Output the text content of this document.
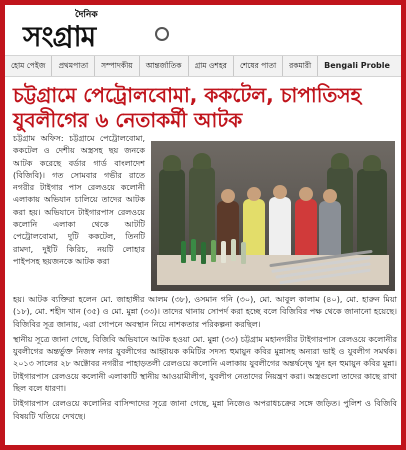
দৈনিক
সংগ্রাম
হোম পেইজ	প্রথমপাতা	সম্পাদকীয়	আন্তর্জাতিক	গ্রাম ওশহর	শেষের পাতা	রকমারী	Bengali Proble
চট্টগ্রামে পেট্রোলবোমা, ককটেল, চাপাতিসহ
যুবলীগের ৬ নেতাকর্মী আটক
চট্টগ্রাম অফিস: চট্টগ্রামে পেট্রোলবোমা, ককটেল ও দেশীয় অস্ত্রসহ ছয় জনকে আটক করেছে বর্ডার গার্ড বাংলাদেশ (বিজিবি)। গত সোমবার গভীর রাতে নগরীর টাইগার পাস রেলওয়ে কলোনী এলাকায় অভিযান চালিয়ে তাদের আটক করা হয়। অভিযানে টাইগারপাস রেলওয়ে কলোনি এলাকা থেকে আটটি পেট্রোলবোমা, দুটি ককটেল, তিনটি রামদা, দুইটি কিরিচ, নয়টি লোহার পাইপসহ ছয়জনকে আটক করা

হয়। আটক ব্যক্তিরা হলেন মো. জাহাঙ্গীর আলম (৩৮), ওসমান গনি (৩০), মো. আবুল কালাম (৪০), মো. হারুন মিয়া (১৮), মো. শহীদ খান (৩৫) ও মো. মুন্না (৩৩)। তাদের থানায় সোপর্দ করা হচ্ছে বলে বিজিবির পক্ষ থেকে জানানো হয়েছে। বিজিবির সূত্র জানায়, এরা গোপনে অবস্থান নিয়ে নাশকতার পরিকল্পনা করছিল।

স্থানীয় সূত্রে জানা গেছে, বিজিবি অভিযানে আটক হওয়া মো. মুন্না (৩৩) চট্টগ্রাম মহানগরীর টাইগারপাস রেলওয়ে কলোনীর যুবলীগের অন্তর্ভুক্ত নিজস্ব নগর যুবলীগের আহ্বায়ক কমিটির সদস্য হুমায়ুন কবির মুন্নাসহ অন্যরা ভাই ও যুবলীগ সমর্থক। ২০১৩ সালের ২৮ অক্টোবর নগরীর পাহাড়তলী রেলওয়ে কলোনি এলাকায় যুবলীগের অন্তর্দ্বন্দ্বে খুন হন হুমায়ুন কবির মুন্না। টাইগারপাস রেলওয়ে কলোনী এলাকাটি স্থানীয় আওয়ামীলীগ, যুবলীগ নেতাদের নিয়ন্ত্রণ করা। অস্ত্রগুলো তাদের কাছে রাখা ছিল বলে ধারণা।

টাইগারপাস রেলওয়ে কলোনির বাসিন্দাদের সূত্রে জানা গেছে, মুন্না নিজেও অপরাধচক্রের সঙ্গে জড়িত। পুলিশ ও বিজিবি বিষয়টি খতিয়ে দেখছে।
